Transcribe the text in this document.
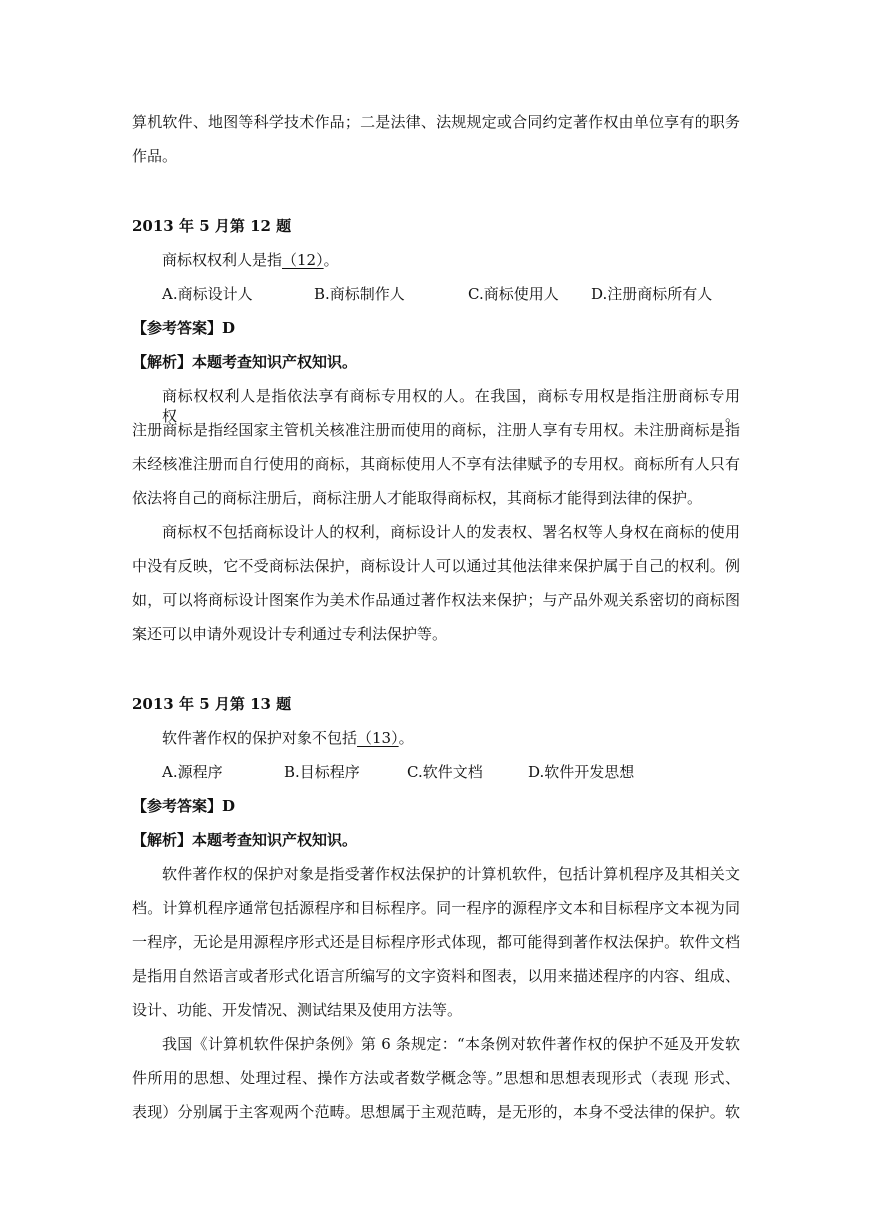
算机软件、地图等科学技术作品；二是法律、法规规定或合同约定著作权由单位享有的职务

作品。

2013 年 5 月第 12 题

商标权权利人是指（12）。

A.商标设计人	B.商标制作人	C.商标使用人 D.注册商标所有人

【参考答案】D

【解析】本题考查知识产权知识。

商标权权利人是指依法享有商标专用权的人。在我国，商标专用权是指注册商标专用权。

注册商标是指经国家主管机关核准注册而使用的商标，注册人享有专用权。未注册商标是指

未经核准注册而自行使用的商标，其商标使用人不享有法律赋予的专用权。商标所有人只有

依法将自己的商标注册后，商标注册人才能取得商标权，其商标才能得到法律的保护。

商标权不包括商标设计人的权利，商标设计人的发表权、署名权等人身权在商标的使用

中没有反映，它不受商标法保护，商标设计人可以通过其他法律来保护属于自己的权利。例

如，可以将商标设计图案作为美术作品通过著作权法来保护；与产品外观关系密切的商标图

案还可以申请外观设计专利通过专利法保护等。

2013 年 5 月第 13 题

软件著作权的保护对象不包括（13）。

A.源程序	B.目标程序	C.软件文档	D.软件开发思想

【参考答案】D

【解析】本题考查知识产权知识。

软件著作权的保护对象是指受著作权法保护的计算机软件，包括计算机程序及其相关文

档。计算机程序通常包括源程序和目标程序。同一程序的源程序文本和目标程序文本视为同

一程序，无论是用源程序形式还是目标程序形式体现，都可能得到著作权法保护。软件文档

是指用自然语言或者形式化语言所编写的文字资料和图表，以用来描述程序的内容、组成、

设计、功能、开发情况、测试结果及使用方法等。

我国《计算机软件保护条例》第 6 条规定：“本条例对软件著作权的保护不延及开发软

件所用的思想、处理过程、操作方法或者数学概念等。”思想和思想表现形式（表现 形式、

表现）分别属于主客观两个范畴。思想属于主观范畴，是无形的，本身不受法律的保护。软
